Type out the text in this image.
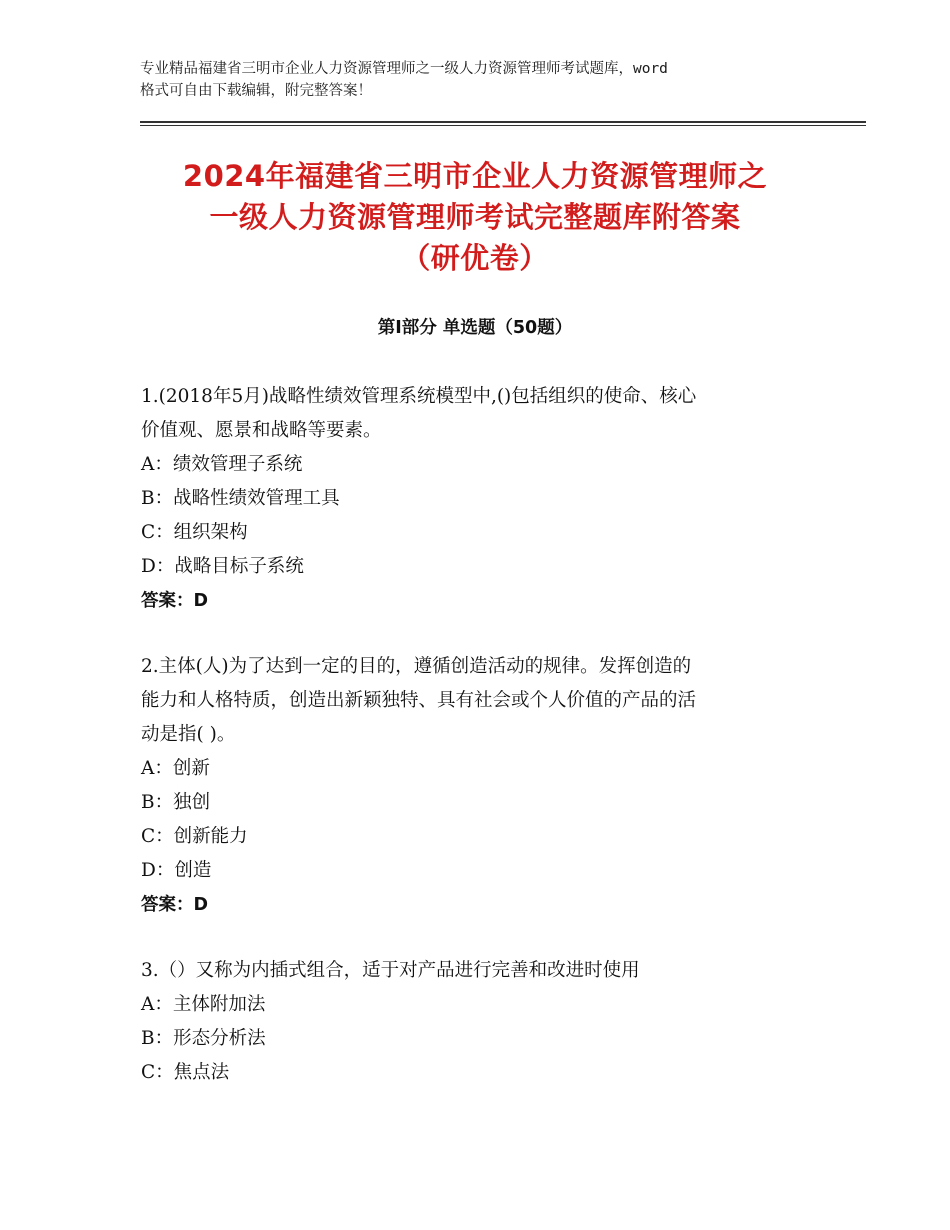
专业精品福建省三明市企业人力资源管理师之一级人力资源管理师考试题库，word
格式可自由下载编辑，附完整答案！
2024年福建省三明市企业人力资源管理师之
一级人力资源管理师考试完整题库附答案
（研优卷）
第Ⅰ部分 单选题（50题）

1.(2018年5月)战略性绩效管理系统模型中,()包括组织的使命、核心

价值观、愿景和战略等要素。

A：绩效管理子系统

B：战略性绩效管理工具

C：组织架构

D：战略目标子系统

答案：D

2.主体(人)为了达到一定的目的，遵循创造活动的规律。发挥创造的

能力和人格特质，创造出新颖独特、具有社会或个人价值的产品的活

动是指( )。

A：创新

B：独创

C：创新能力

D：创造

答案：D

3.（）又称为内插式组合，适于对产品进行完善和改进时使用

A：主体附加法

B：形态分析法

C：焦点法
